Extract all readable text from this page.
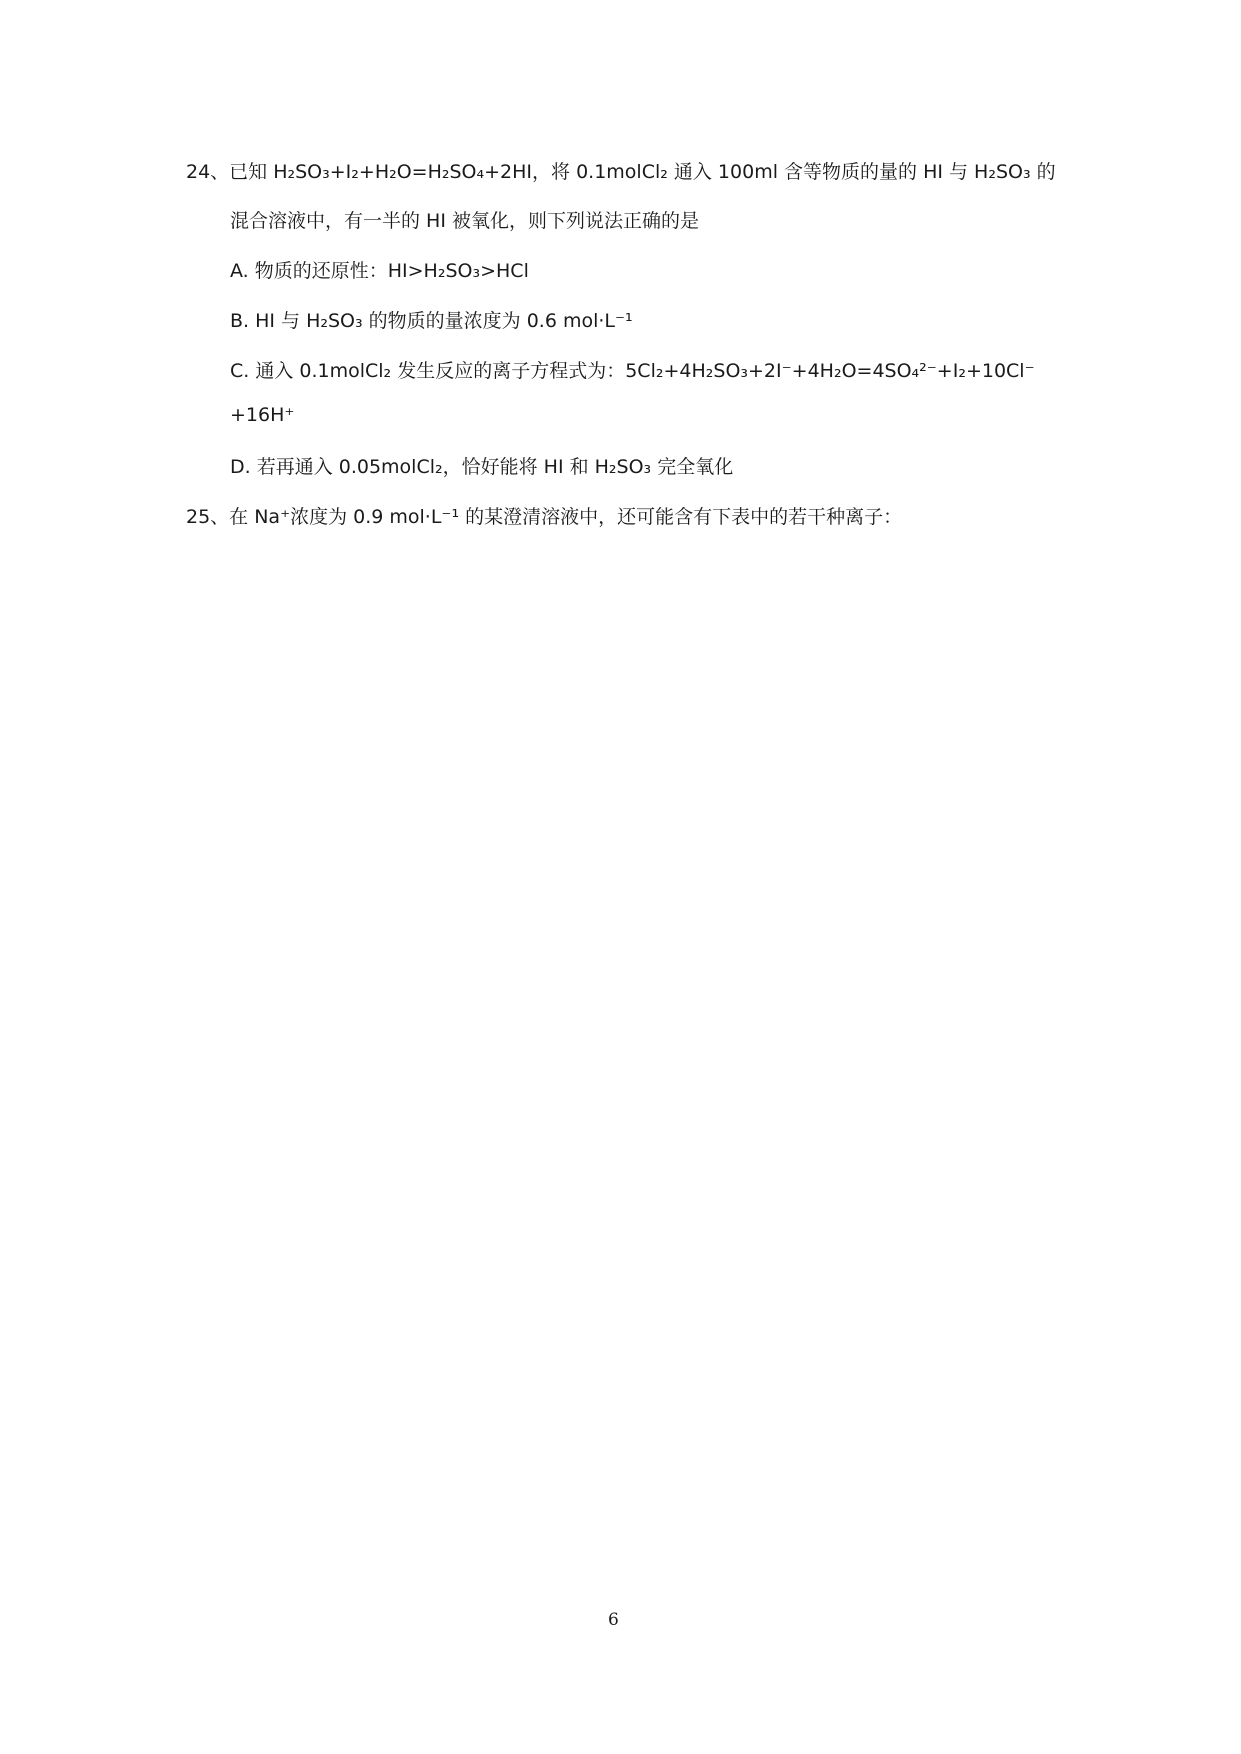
24、已知 H₂SO₃+I₂+H₂O=H₂SO₄+2HI，将 0.1molCl₂ 通入 100ml 含等物质的量的 HI 与 H₂SO₃ 的
混合溶液中，有一半的 HI 被氧化，则下列说法正确的是
A. 物质的还原性：HI>H₂SO₃>HCl
B. HI 与 H₂SO₃ 的物质的量浓度为 0.6 mol·L⁻¹
C. 通入 0.1molCl₂ 发生反应的离子方程式为：5Cl₂+4H₂SO₃+2I⁻+4H₂O=4SO₄²⁻+I₂+10Cl⁻
+16H⁺
D. 若再通入 0.05molCl₂，恰好能将 HI 和 H₂SO₃ 完全氧化
25、在 Na⁺浓度为 0.9 mol·L⁻¹ 的某澄清溶液中，还可能含有下表中的若干种离子：
6
